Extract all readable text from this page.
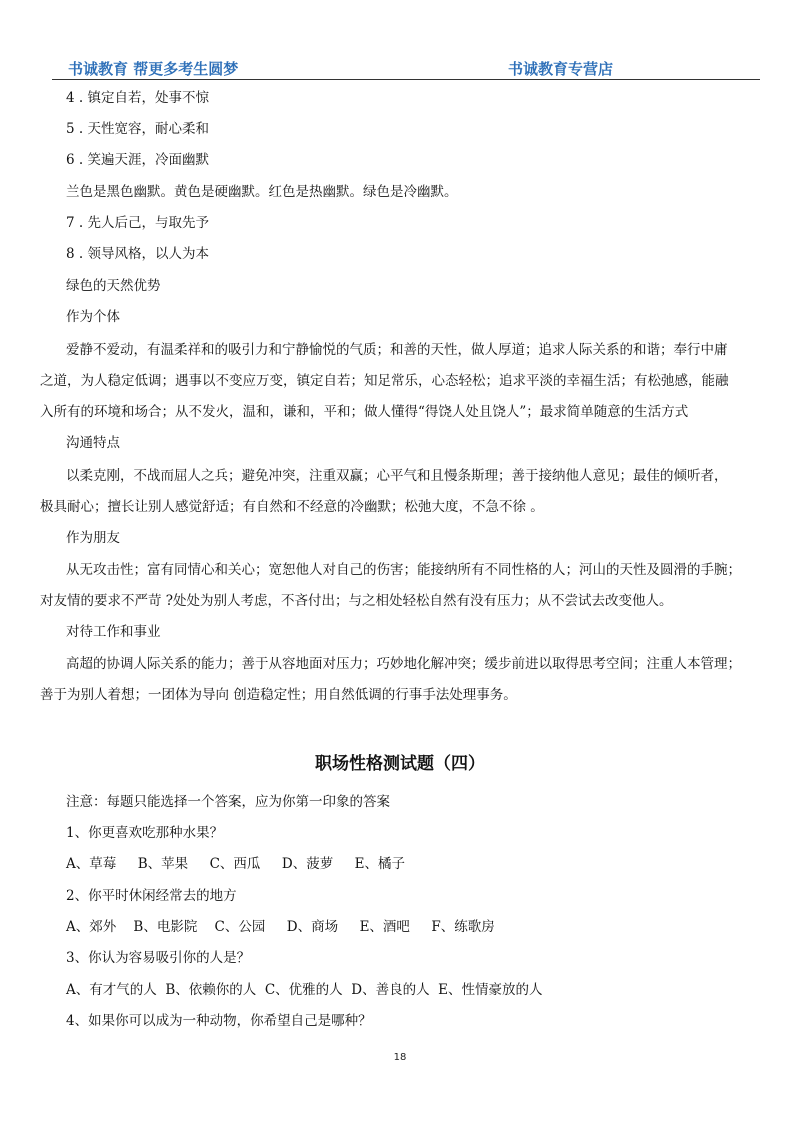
书诚教育 帮更多考生圆梦	书诚教育专营店
4 . 镇定自若，处事不惊
5 . 天性宽容，耐心柔和
6 . 笑遍天涯，冷面幽默
兰色是黑色幽默。黄色是硬幽默。红色是热幽默。绿色是冷幽默。
7 . 先人后己，与取先予
8 . 领导风格，以人为本
绿色的天然优势
作为个体
爱静不爱动，有温柔祥和的吸引力和宁静愉悦的气质；和善的天性，做人厚道；追求人际关系的和谐；奉行中庸
之道，为人稳定低调；遇事以不变应万变，镇定自若；知足常乐，心态轻松；追求平淡的幸福生活；有松弛感，能融
入所有的环境和场合；从不发火，温和，谦和，平和；做人懂得“得饶人处且饶人”；最求简单随意的生活方式
沟通特点
以柔克刚，不战而屈人之兵；避免冲突，注重双赢；心平气和且慢条斯理；善于接纳他人意见；最佳的倾听者，
极具耐心；擅长让别人感觉舒适；有自然和不经意的冷幽默；松弛大度，不急不徐 。
作为朋友
从无攻击性；富有同情心和关心；宽恕他人对自己的伤害；能接纳所有不同性格的人；河山的天性及圆滑的手腕；
对友情的要求不严苛 ?处处为别人考虑，不吝付出；与之相处轻松自然有没有压力；从不尝试去改变他人。
对待工作和事业
高超的协调人际关系的能力；善于从容地面对压力；巧妙地化解冲突；缓步前进以取得思考空间；注重人本管理；
善于为别人着想；一团体为导向 创造稳定性；用自然低调的行事手法处理事务。
职场性格测试题（四）
注意：每题只能选择一个答案，应为你第一印象的答案
1、你更喜欢吃那种水果？
A、草莓     B、苹果     C、西瓜     D、菠萝     E、橘子
2、你平时休闲经常去的地方
A、郊外    B、电影院    C、公园     D、商场     E、酒吧     F、练歌房
3、你认为容易吸引你的人是？
A、有才气的人  B、依赖你的人  C、优雅的人  D、善良的人  E、性情豪放的人
4、如果你可以成为一种动物，你希望自己是哪种？
18
